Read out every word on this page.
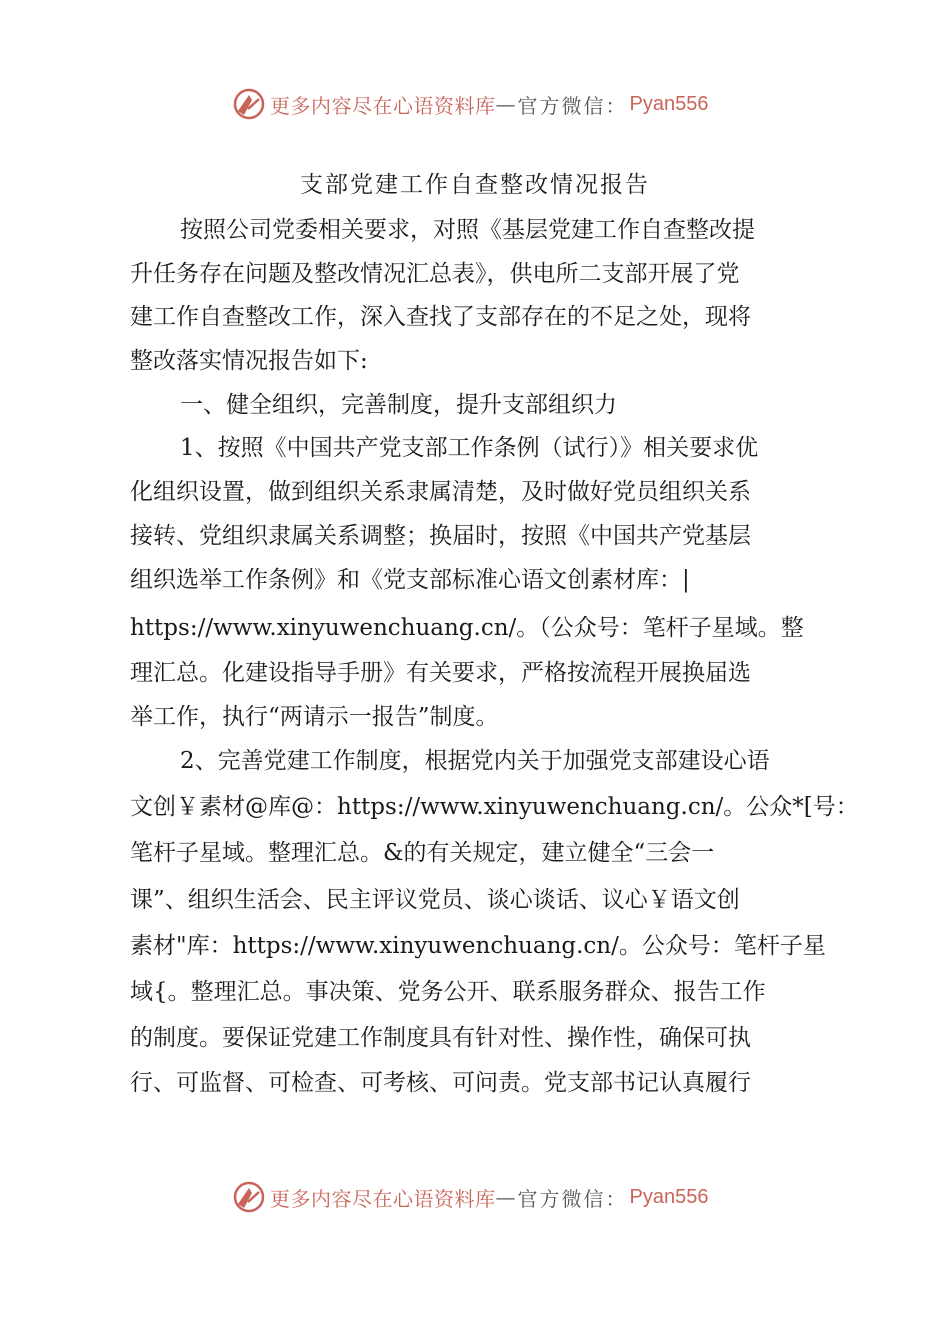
更多内容尽在心语资料库 — 官方微信： Pyan556
支部党建工作自查整改情况报告

按照公司党委相关要求，对照《基层党建工作自查整改提

升任务存在问题及整改情况汇总表》，供电所二支部开展了党

建工作自查整改工作，深入查找了支部存在的不足之处，现将

整改落实情况报告如下:

一、健全组织，完善制度，提升支部组织力

1、按照《中国共产党支部工作条例（试行）》相关要求优

化组织设置，做到组织关系隶属清楚，及时做好党员组织关系

接转、党组织隶属关系调整；换届时，按照《中国共产党基层

组织选举工作条例》和《党支部标准心语文创素材库：|

https://www.xinyuwenchuang.cn/。（公众号：笔杆子星域。整

理汇总。化建设指导手册》有关要求，严格按流程开展换届选

举工作，执行“两请示一报告”制度。

2、完善党建工作制度，根据党内关于加强党支部建设心语

文创￥素材@库@：https://www.xinyuwenchuang.cn/。公众*[号：

笔杆子星域。整理汇总。&的有关规定，建立健全“三会一

课”、组织生活会、民主评议党员、谈心谈话、议心￥语文创

素材"库：https://www.xinyuwenchuang.cn/。公众号：笔杆子星

域{。整理汇总。事决策、党务公开、联系服务群众、报告工作

的制度。要保证党建工作制度具有针对性、操作性，确保可执

行、可监督、可检查、可考核、可问责。党支部书记认真履行

更多内容尽在心语资料库 — 官方微信： Pyan556
